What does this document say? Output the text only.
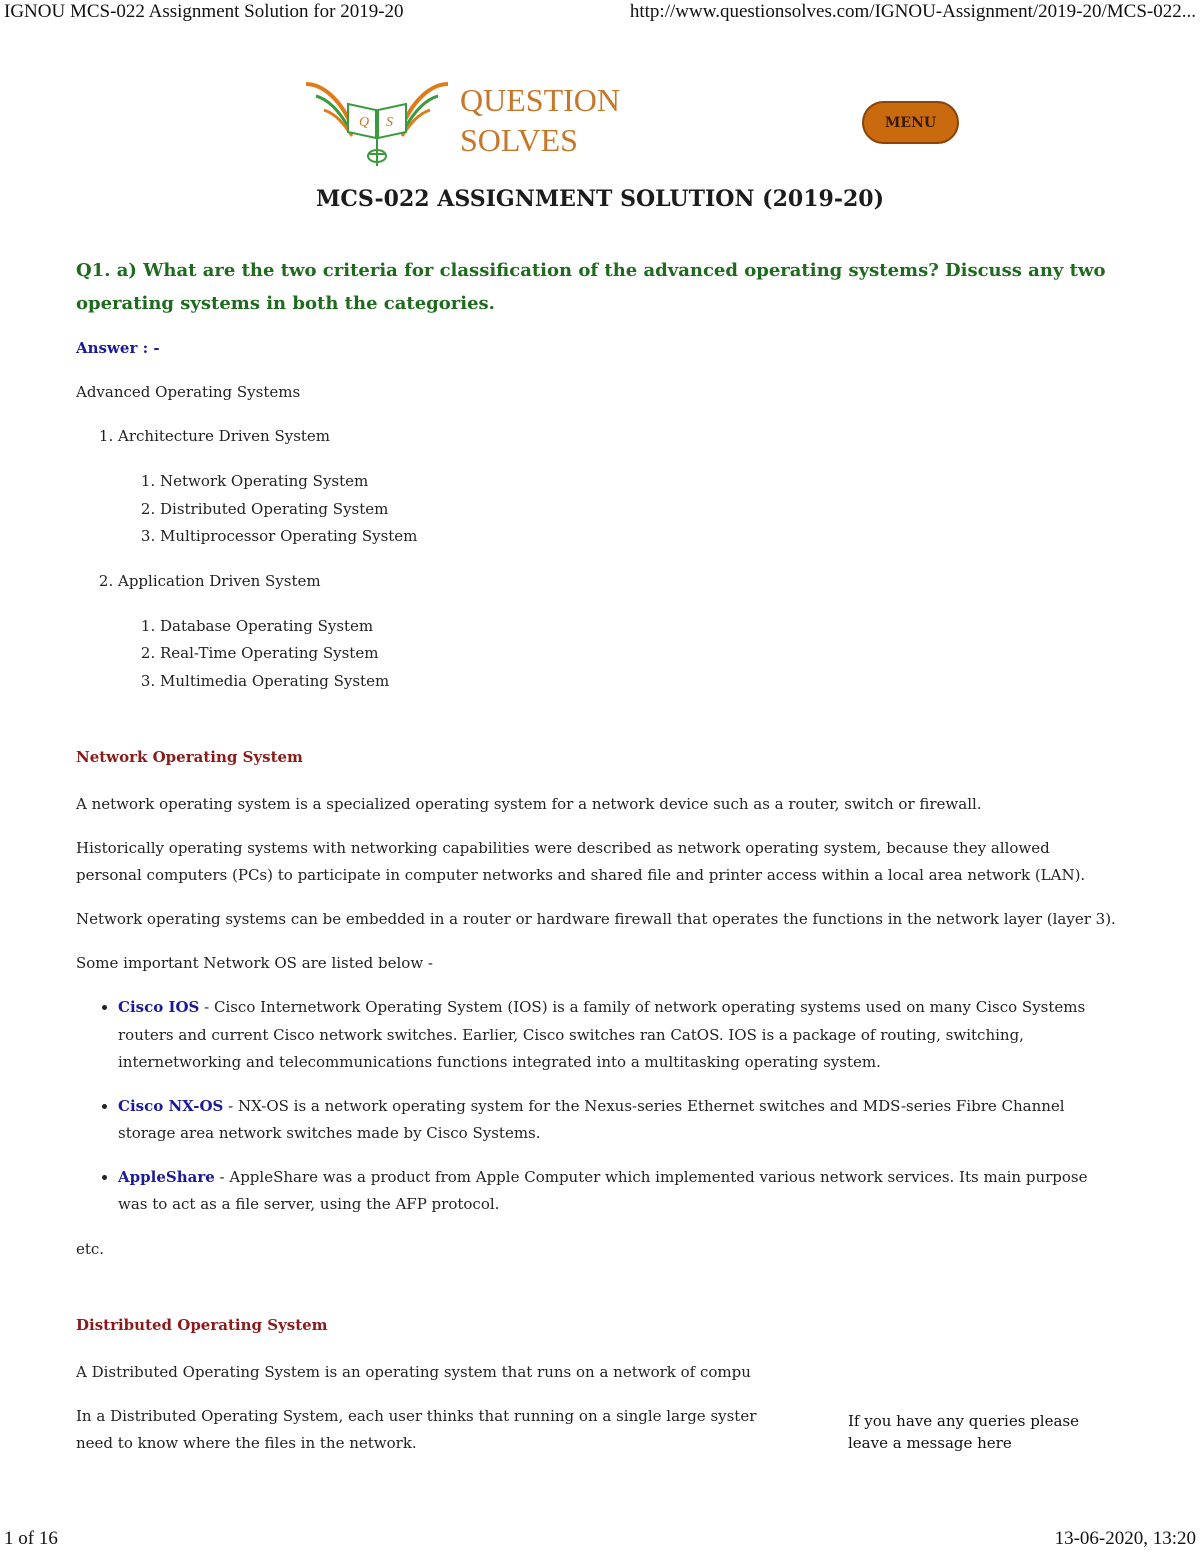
IGNOU MCS-022 Assignment Solution for 2019-20	http://www.questionsolves.com/IGNOU-Assignment/2019-20/MCS-022...
Q S
QUESTION
SOLVES	MENU
MCS-022 ASSIGNMENT SOLUTION (2019-20)
Q1. a) What are the two criteria for classification of the advanced operating systems? Discuss any two operating systems in both the categories.
Answer : -

Advanced Operating Systems

1. Architecture Driven System
1. Network Operating System
2. Distributed Operating System
3. Multiprocessor Operating System
2. Application Driven System
1. Database Operating System
2. Real-Time Operating System
3. Multimedia Operating System
Network Operating System

A network operating system is a specialized operating system for a network device such as a router, switch or firewall.

Historically operating systems with networking capabilities were described as network operating system, because they allowed personal computers (PCs) to participate in computer networks and shared file and printer access within a local area network (LAN).

Network operating systems can be embedded in a router or hardware firewall that operates the functions in the network layer (layer 3).

Some important Network OS are listed below -

• Cisco IOS - Cisco Internetwork Operating System (IOS) is a family of network operating systems used on many Cisco Systems routers and current Cisco network switches. Earlier, Cisco switches ran CatOS. IOS is a package of routing, switching, internetworking and telecommunications functions integrated into a multitasking operating system.
• Cisco NX-OS - NX-OS is a network operating system for the Nexus-series Ethernet switches and MDS-series Fibre Channel storage area network switches made by Cisco Systems.
• AppleShare - AppleShare was a product from Apple Computer which implemented various network services. Its main purpose was to act as a file server, using the AFP protocol.

etc.

Distributed Operating System

A Distributed Operating System is an operating system that runs on a network of compu

In a Distributed Operating System, each user thinks that running on a single large syster
need to know where the files in the network.

If you have any queries please leave a message here
1 of 16	13-06-2020, 13:20
